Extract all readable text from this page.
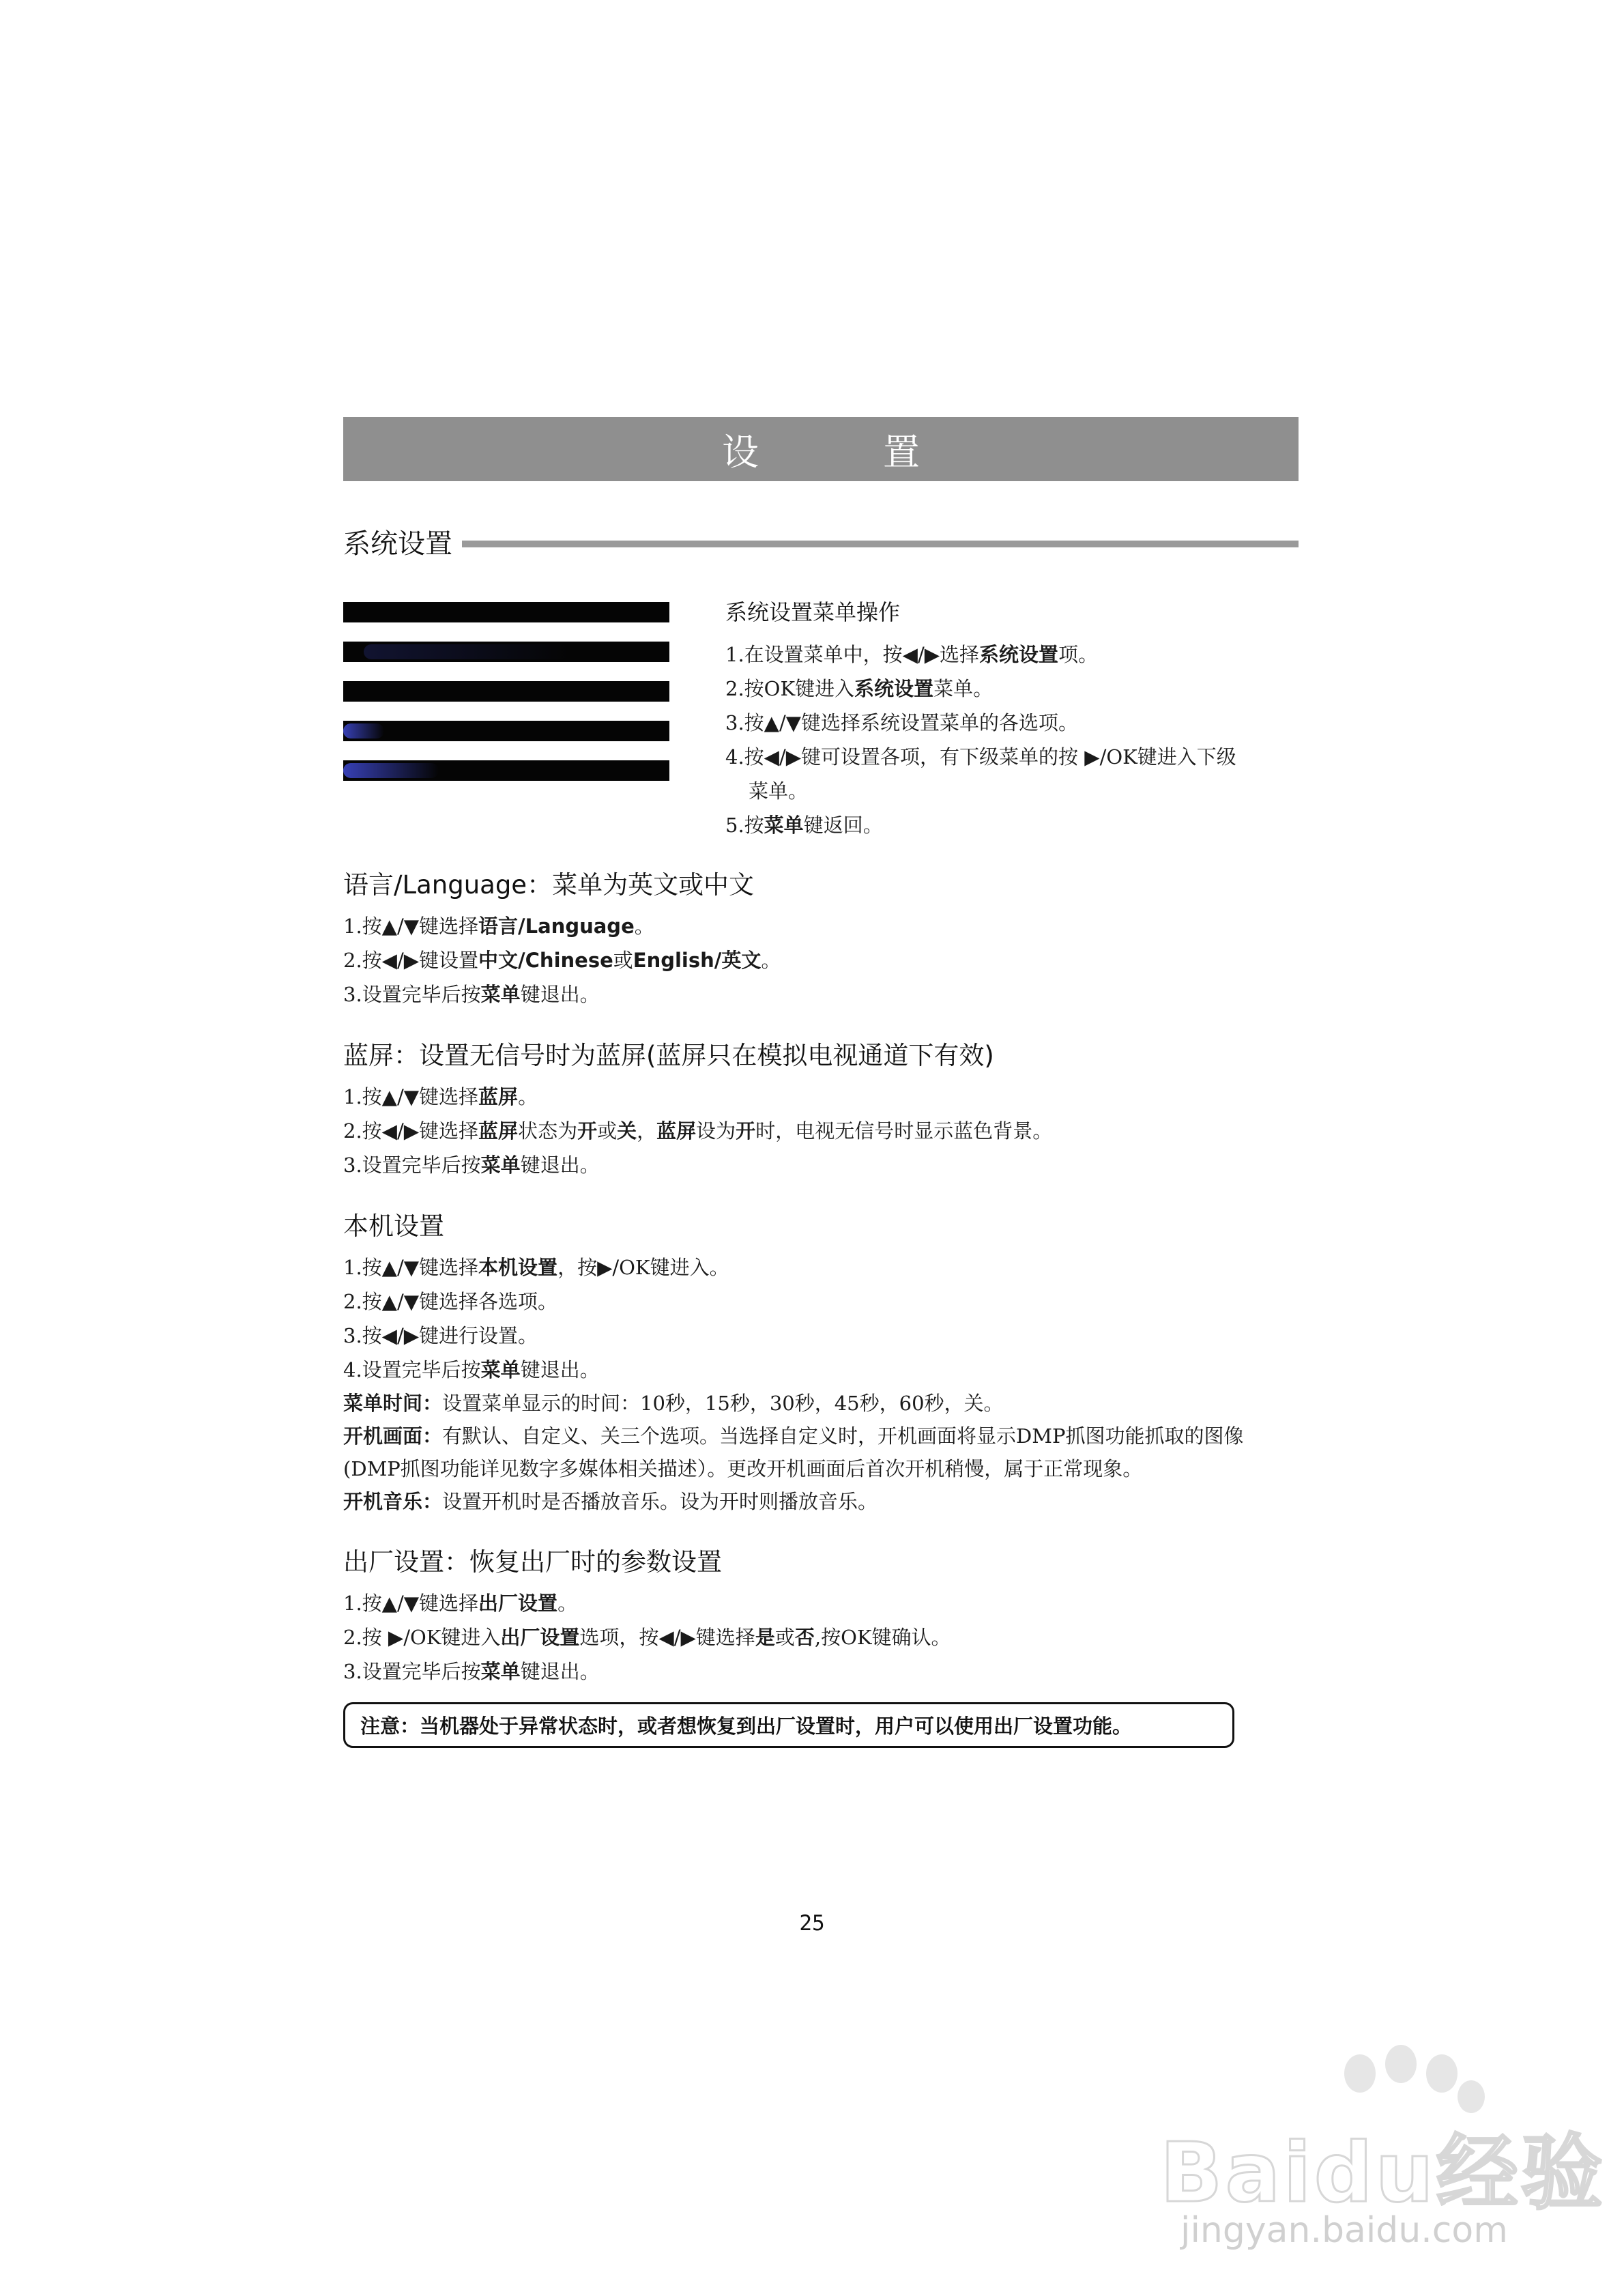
设　置
系统设置
系统设置菜单操作
1.在设置菜单中，按◀/▶选择系统设置项。
2.按OK键进入系统设置菜单。
3.按▲/▼键选择系统设置菜单的各选项。
4.按◀/▶键可设置各项，有下级菜单的按 ▶/OK键进入下级
菜单。
5.按菜单键返回。
语言/Language：菜单为英文或中文
1.按▲/▼键选择语言/Language。
2.按◀/▶键设置中文/Chinese或English/英文。
3.设置完毕后按菜单键退出。
蓝屏：设置无信号时为蓝屏(蓝屏只在模拟电视通道下有效)
1.按▲/▼键选择蓝屏。
2.按◀/▶键选择蓝屏状态为开或关，蓝屏设为开时，电视无信号时显示蓝色背景。
3.设置完毕后按菜单键退出。
本机设置
1.按▲/▼键选择本机设置，按▶/OK键进入。
2.按▲/▼键选择各选项。
3.按◀/▶键进行设置。
4.设置完毕后按菜单键退出。
菜单时间：设置菜单显示的时间：10秒，15秒，30秒，45秒，60秒，关。
开机画面：有默认、自定义、关三个选项。当选择自定义时，开机画面将显示DMP抓图功能抓取的图像(DMP抓图功能详见数字多媒体相关描述）。更改开机画面后首次开机稍慢，属于正常现象。
开机音乐：设置开机时是否播放音乐。设为开时则播放音乐。
出厂设置：恢复出厂时的参数设置
1.按▲/▼键选择出厂设置。
2.按 ▶/OK键进入出厂设置选项，按◀/▶键选择是或否,按OK键确认。
3.设置完毕后按菜单键退出。
注意：当机器处于异常状态时，或者想恢复到出厂设置时，用户可以使用出厂设置功能。
25
Baidu经验
jingyan.baidu.com
